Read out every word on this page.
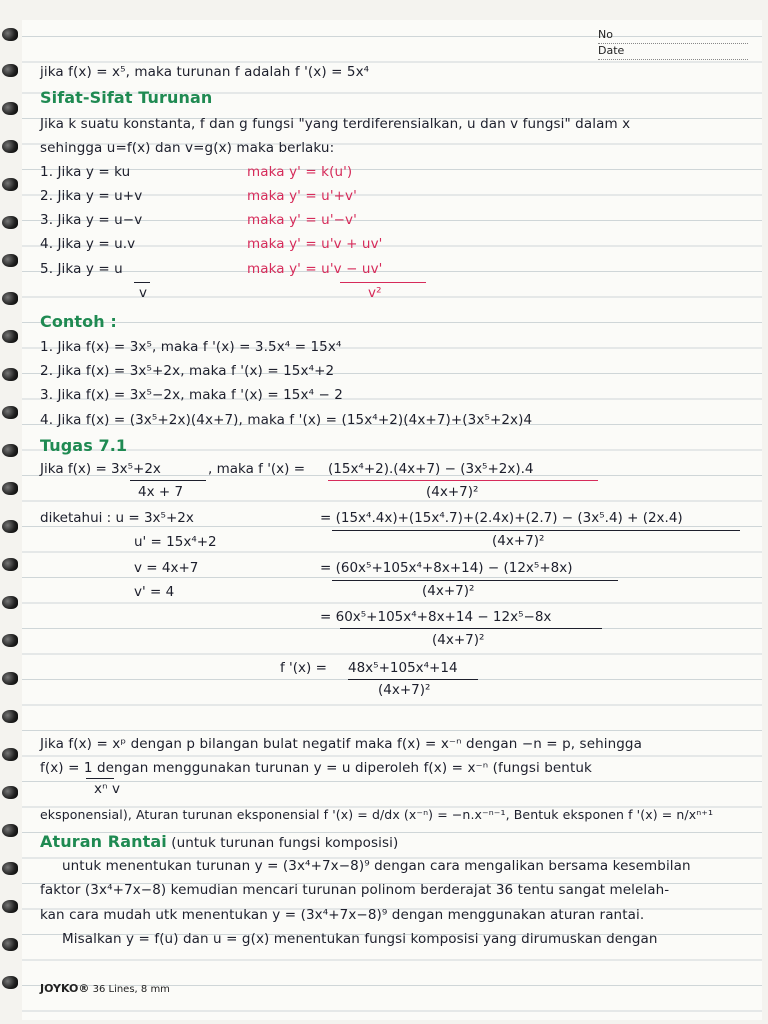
No
Date
jika f(x) = x⁵, maka turunan f adalah f '(x) = 5x⁴
Sifat-Sifat Turunan
Jika k suatu konstanta, f dan g fungsi "yang terdiferensialkan, u dan v fungsi" dalam x
sehingga u=f(x) dan v=g(x) maka berlaku:
1. Jika y = ku	maka y' = k(u')
2. Jika y = u+v	maka y' = u'+v'
3. Jika y = u−v	maka y' = u'−v'
4. Jika y = u.v	maka y' = u'v + uv'
5. Jika y = u	maka y' = u'v − uv'
v	v²
Contoh :
1. Jika f(x) = 3x⁵, maka f '(x) = 3.5x⁴ = 15x⁴
2. Jika f(x) = 3x⁵+2x, maka f '(x) = 15x⁴+2
3. Jika f(x) = 3x⁵−2x, maka f '(x) = 15x⁴ − 2
4. Jika f(x) = (3x⁵+2x)(4x+7), maka f '(x) = (15x⁴+2)(4x+7)+(3x⁵+2x)4
Tugas 7.1
Jika f(x) = 3x⁵+2x
4x + 7
, maka f '(x) = (15x⁴+2).(4x+7) − (3x⁵+2x).4
(4x+7)²
diketahui : u = 3x⁵+2x	= (15x⁴.4x)+(15x⁴.7)+(2.4x)+(2.7) − (3x⁵.4) + (2x.4)
(4x+7)²
u' = 15x⁴+2
v = 4x+7	= (60x⁵+105x⁴+8x+14) − (12x⁵+8x)
(4x+7)²
v' = 4
= 60x⁵+105x⁴+8x+14 − 12x⁵−8x
(4x+7)²
f '(x) = 48x⁵+105x⁴+14
(4x+7)²
Jika f(x) = xᵖ dengan p bilangan bulat negatif maka f(x) = x⁻ⁿ dengan −n = p, sehingga
f(x) = 1 dengan menggunakan turunan y = u diperoleh f(x) = x⁻ⁿ (fungsi bentuk
xⁿ v
eksponensial), Aturan turunan eksponensial f '(x) = d/dx (x⁻ⁿ) = −n.x⁻ⁿ⁻¹, Bentuk eksponen f '(x) = n/xⁿ⁺¹
Aturan Rantai (untuk turunan fungsi komposisi)
untuk menentukan turunan y = (3x⁴+7x−8)⁹ dengan cara mengalikan bersama kesembilan
faktor (3x⁴+7x−8) kemudian mencari turunan polinom berderajat 36 tentu sangat melelah-
kan cara mudah utk menentukan y = (3x⁴+7x−8)⁹ dengan menggunakan aturan rantai.
Misalkan y = f(u) dan u = g(x) menentukan fungsi komposisi yang dirumuskan dengan
JOYKO® 36 Lines, 8 mm
